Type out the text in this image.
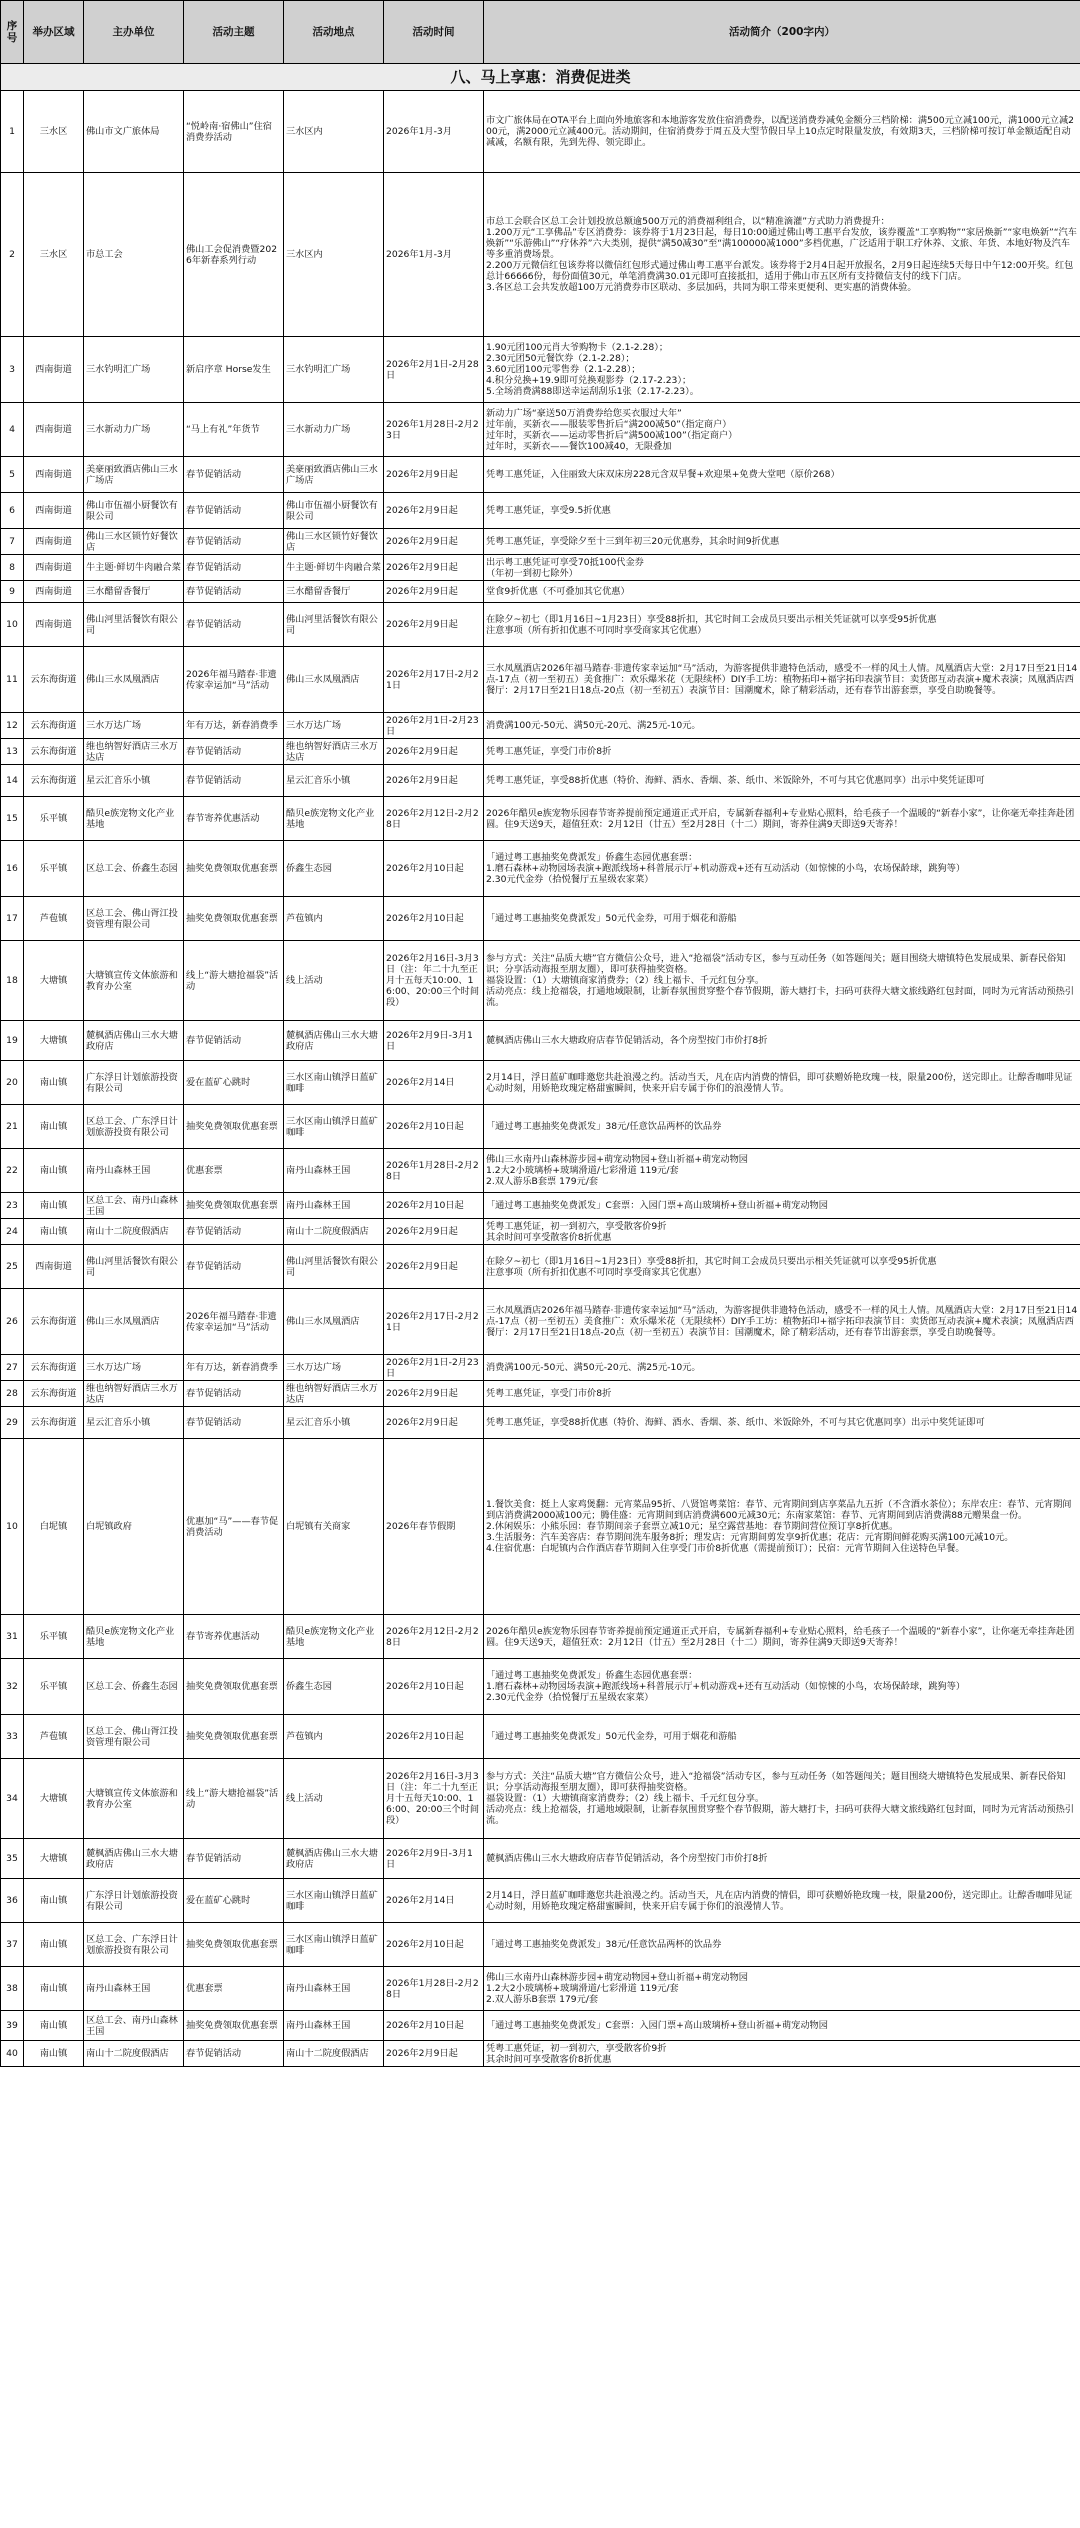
序号	举办区域	主办单位	活动主题	活动地点	活动时间	活动简介（200字内）
八、马上享惠：消费促进类						
1	三水区	佛山市文广旅体局	“悦岭南·宿佛山”住宿消费券活动	三水区内	2026年1月-3月	市文广旅体局在OTA平台上面向外地旅客和本地游客发放住宿消费券，以配送消费券减免金额分三档阶梯：满500元立减100元，满1000元立减200元，满2000元立减400元。活动期间，住宿消费券于周五及大型节假日早上10点定时限量发放，有效期3天，三档阶梯可按订单金额适配自动减减，名额有限，先到先得、领完即止。
2	三水区	市总工会	佛山工会促消费暨2026年新春系列行动	三水区内	2026年1月-3月	市总工会联合区总工会计划投放总额逾500万元的消费福利组合，以“精准滴灌”方式助力消费提升：
1.200万元“工享佛品”专区消费券：该券将于1月23日起，每日10:00通过佛山粤工惠平台发放，该券覆盖“工享购物”“家居焕新”“家电焕新”“汽车焕新”“乐游佛山”“疗休养”六大类别，提供“满50减30”至“满100000减1000”多档优惠，广泛适用于职工疗休养、文旅、年货、本地好物及汽车等多重消费场景。
2.200万元微信红包该券将以微信红包形式通过佛山粤工惠平台派发。该券将于2月4日起开放报名，2月9日起连续5天每日中午12:00开奖。红包总计66666份，每份面值30元，单笔消费满30.01元即可直接抵扣，适用于佛山市五区所有支持微信支付的线下门店。
3.各区总工会共发放超100万元消费券市区联动、多层加码，共同为职工带来更便利、更实惠的消费体验。
3	西南街道	三水钓明汇广场	新启序章 Horse发生	三水钓明汇广场	2026年2月1日-2月28日	1.90元团100元肖大爷购物卡（2.1-2.28）；
2.30元团50元餐饮券（2.1-2.28）；
3.60元团100元零售券（2.1-2.28）；
4.积分兑换+19.9即可兑换观影券（2.17-2.23）；
5.全场消费满88即送幸运刮刮乐1张（2.17-2.23）。
4	西南街道	三水新动力广场	“马上有礼”年货节	三水新动力广场	2026年1月28日-2月23日	新动力广场“豪送50万消费券给您买衣服过大年”
过年前，买新衣——服装零售折后“满200减50”（指定商户）
过年时，买新衣——运动零售折后“满500减100”（指定商户）
过年时，买新衣——餐饮100减40，无限叠加
5	西南街道	美豪丽致酒店佛山三水广场店	春节促销活动	美豪丽致酒店佛山三水广场店	2026年2月9日起	凭粤工惠凭证，入住丽致大床双床房228元含双早餐+欢迎果+免费大堂吧（原价268）
6	西南街道	佛山市伍福小厨餐饮有限公司	春节促销活动	佛山市伍福小厨餐饮有限公司	2026年2月9日起	凭粤工惠凭证，享受9.5折优惠
7	西南街道	佛山三水区锁竹好餐饮店	春节促销活动	佛山三水区锁竹好餐饮店	2026年2月9日起	凭粤工惠凭证，享受除夕至十三到年初三20元优惠券，其余时间9折优惠
8	西南街道	牛主题·鲜切牛肉融合菜	春节促销活动	牛主题·鲜切牛肉融合菜	2026年2月9日起	出示粤工惠凭证可享受70抵100代金券
（年初一到初七除外）
9	西南街道	三水醋留香餐厅	春节促销活动	三水醋留香餐厅	2026年2月9日起	堂食9折优惠（不可叠加其它优惠）
10	西南街道	佛山河里活餐饮有限公司	春节促销活动	佛山河里活餐饮有限公司	2026年2月9日起	在除夕~初七（即1月16日~1月23日）享受88折扣，其它时间工会成员只要出示相关凭证就可以享受95折优惠
注意事项（所有折扣优惠不可同时享受商家其它优惠）
11	云东海街道	佛山三水凤凰酒店	2026年福马踏春·非遗传家幸运加“马”活动	佛山三水凤凰酒店	2026年2月17日-2月21日	三水凤凰酒店2026年福马踏春·非遗传家幸运加“马”活动，为游客提供非遗特色活动，感受不一样的风土人情。凤凰酒店大堂：2月17日至21日14点-17点（初一至初五）美食推广：欢乐爆米花（无限续杯）DIY手工坊：植物拓印+福字拓印表演节目：卖货郎互动表演+魔术表演；凤凰酒店西餐厅：2月17日至21日18点-20点（初一至初五）表演节目：国潮魔术，除了精彩活动，还有春节出游套票，享受自助晚餐等。
12	云东海街道	三水万达广场	年有万达，新春消费季	三水万达广场	2026年2月1日-2月23日	消费满100元-50元、满50元-20元、满25元-10元。
13	云东海街道	维也纳智好酒店三水万达店	春节促销活动	维也纳智好酒店三水万达店	2026年2月9日起	凭粤工惠凭证，享受门市价8折
14	云东海街道	星云汇音乐小镇	春节促销活动	星云汇音乐小镇	2026年2月9日起	凭粤工惠凭证，享受88折优惠（特价、海鲜、酒水、香烟、茶、纸巾、米饭除外，不可与其它优惠同享）出示中奖凭证即可
15	乐平镇	酷贝e族宠物文化产业基地	春节寄养优惠活动	酷贝e族宠物文化产业基地	2026年2月12日-2月28日	2026年酷贝e族宠物乐园春节寄养提前预定通道正式开启，专属新春福利+专业贴心照料，给毛孩子一个温暖的“新春小家”，让你毫无牵挂奔赴团圆。住9天送9天，超值狂欢：2月12日（廿五）至2月28日（十二）期间，寄养住满9天即送9天寄养！
16	乐平镇	区总工会、侨鑫生态园	抽奖免费领取优惠套票	侨鑫生态园	2026年2月10日起	「通过粤工惠抽奖免费派发」侨鑫生态园优惠套票：
1.磨石森林+动物园场表演+跑派线场+科普展示厅+机动游戏+还有互动活动（如惊悚的小鸟，农场保龄球，跳狗等）
2.30元代金券（拾悦餐厅五星级农家菜）
17	芦苞镇	区总工会、佛山胥江投资管理有限公司	抽奖免费领取优惠套票	芦苞镇内	2026年2月10日起	「通过粤工惠抽奖免费派发」50元代金券，可用于烟花和游船
18	大塘镇	大塘镇宣传文体旅游和教育办公室	线上“游大塘抢福袋”活动	线上活动	2026年2月16日-3月3日（注：年二十九至正月十五每天10:00、16:00、20:00三个时间段）	参与方式：关注“品质大塘”官方微信公众号，进入“抢福袋”活动专区，参与互动任务（如答题闯关；题目围绕大塘镇特色发展成果、新春民俗知识；分享活动海报至朋友圈），即可获得抽奖资格。
福袋设置：（1）大塘镇商家消费券；（2）线上福卡、千元红包分享。
活动亮点：线上抢福袋，打通地域限制，让新春氛围贯穿整个春节假期，游大塘打卡，扫码可获得大塘文旅线路红包封面，同时为元宵活动预热引流。
19	大塘镇	麓枫酒店佛山三水大塘政府店	春节促销活动	麓枫酒店佛山三水大塘政府店	2026年2月9日-3月1日	麓枫酒店佛山三水大塘政府店春节促销活动，各个房型按门市价打8折
20	南山镇	广东浮日计划旅游投资有限公司	爱在蓝矿心跳时	三水区南山镇浮日蓝矿咖啡	2026年2月14日	2月14日，浮日蓝矿咖啡邀您共赴浪漫之约。活动当天，凡在店内消费的情侣，即可获赠娇艳玫瑰一枝，限量200份，送完即止。让醇香咖啡见证心动时刻，用娇艳玫瑰定格甜蜜瞬间，快来开启专属于你们的浪漫情人节。
21	南山镇	区总工会、广东浮日计划旅游投资有限公司	抽奖免费领取优惠套票	三水区南山镇浮日蓝矿咖啡	2026年2月10日起	「通过粤工惠抽奖免费派发」38元/任意饮品两杯的饮品券
22	南山镇	南丹山森林王国	优惠套票	南丹山森林王国	2026年1月28日-2月28日	佛山三水南丹山森林游步园+萌宠动物园+登山祈福+萌宠动物园
1.2大2小玻璃桥+玻璃滑道/七彩滑道 119元/套
2.双人游乐B套票 179元/套
23	南山镇	区总工会、南丹山森林王国	抽奖免费领取优惠套票	南丹山森林王国	2026年2月10日起	「通过粤工惠抽奖免费派发」C套票：入园门票+高山玻璃桥+登山祈福+萌宠动物园
24	南山镇	南山十二院度假酒店	春节促销活动	南山十二院度假酒店	2026年2月9日起	凭粤工惠凭证，初一到初六，享受散客价9折
其余时间可享受散客价8折优惠
25	西南街道	佛山河里活餐饮有限公司	春节促销活动	佛山河里活餐饮有限公司	2026年2月9日起	在除夕~初七（即1月16日~1月23日）享受88折扣，其它时间工会成员只要出示相关凭证就可以享受95折优惠
注意事项（所有折扣优惠不可同时享受商家其它优惠）
26	云东海街道	佛山三水凤凰酒店	2026年福马踏春·非遗传家幸运加“马”活动	佛山三水凤凰酒店	2026年2月17日-2月21日	三水凤凰酒店2026年福马踏春·非遗传家幸运加“马”活动，为游客提供非遗特色活动，感受不一样的风土人情。凤凰酒店大堂：2月17日至21日14点-17点（初一至初五）美食推广：欢乐爆米花（无限续杯）DIY手工坊：植物拓印+福字拓印表演节目：卖货郎互动表演+魔术表演；凤凰酒店西餐厅：2月17日至21日18点-20点（初一至初五）表演节目：国潮魔术，除了精彩活动，还有春节出游套票，享受自助晚餐等。
27	云东海街道	三水万达广场	年有万达，新春消费季	三水万达广场	2026年2月1日-2月23日	消费满100元-50元、满50元-20元、满25元-10元。
28	云东海街道	维也纳智好酒店三水万达店	春节促销活动	维也纳智好酒店三水万达店	2026年2月9日起	凭粤工惠凭证，享受门市价8折
29	云东海街道	星云汇音乐小镇	春节促销活动	星云汇音乐小镇	2026年2月9日起	凭粤工惠凭证，享受88折优惠（特价、海鲜、酒水、香烟、茶、纸巾、米饭除外，不可与其它优惠同享）出示中奖凭证即可
10	白坭镇	白坭镇政府	优惠加“马”——春节促消费活动	白坭镇有关商家	2026年春节假期	1.餐饮美食：挺上人家鸡煲翻：元宵菜品95折、八贤馆粤菜馆：春节、元宵期间到店享菜品九五折（不含酒水茶位）；东岸农庄：春节、元宵期间到店消费满2000减100元；腾佳盛：元宵期间到店消费满600元减30元；东南家菜馆：春节、元宵期间到店消费满88元赠果盘一份。
2.休闲娱乐：小熊乐园：春节期间亲子套票立减10元；星空露营基地：春节期间营位预订享8折优惠。
3.生活服务：汽车美容店：春节期间洗车服务8折；理发店：元宵期间剪发享9折优惠；花店：元宵期间鲜花购买满100元减10元。
4.住宿优惠：白坭镇内合作酒店春节期间入住享受门市价8折优惠（需提前预订）；民宿：元宵节期间入住送特色早餐。
31	乐平镇	酷贝e族宠物文化产业基地	春节寄养优惠活动	酷贝e族宠物文化产业基地	2026年2月12日-2月28日	2026年酷贝e族宠物乐园春节寄养提前预定通道正式开启，专属新春福利+专业贴心照料，给毛孩子一个温暖的“新春小家”，让你毫无牵挂奔赴团圆。住9天送9天，超值狂欢：2月12日（廿五）至2月28日（十二）期间，寄养住满9天即送9天寄养！
32	乐平镇	区总工会、侨鑫生态园	抽奖免费领取优惠套票	侨鑫生态园	2026年2月10日起	「通过粤工惠抽奖免费派发」侨鑫生态园优惠套票：
1.磨石森林+动物园场表演+跑派线场+科普展示厅+机动游戏+还有互动活动（如惊悚的小鸟，农场保龄球，跳狗等）
2.30元代金券（拾悦餐厅五星级农家菜）
33	芦苞镇	区总工会、佛山胥江投资管理有限公司	抽奖免费领取优惠套票	芦苞镇内	2026年2月10日起	「通过粤工惠抽奖免费派发」50元代金券，可用于烟花和游船
34	大塘镇	大塘镇宣传文体旅游和教育办公室	线上“游大塘抢福袋”活动	线上活动	2026年2月16日-3月3日（注：年二十九至正月十五每天10:00、16:00、20:00三个时间段）	参与方式：关注“品质大塘”官方微信公众号，进入“抢福袋”活动专区，参与互动任务（如答题闯关；题目围绕大塘镇特色发展成果、新春民俗知识；分享活动海报至朋友圈），即可获得抽奖资格。
福袋设置：（1）大塘镇商家消费券；（2）线上福卡、千元红包分享。
活动亮点：线上抢福袋，打通地域限制，让新春氛围贯穿整个春节假期，游大塘打卡，扫码可获得大塘文旅线路红包封面，同时为元宵活动预热引流。
35	大塘镇	麓枫酒店佛山三水大塘政府店	春节促销活动	麓枫酒店佛山三水大塘政府店	2026年2月9日-3月1日	麓枫酒店佛山三水大塘政府店春节促销活动，各个房型按门市价打8折
36	南山镇	广东浮日计划旅游投资有限公司	爱在蓝矿心跳时	三水区南山镇浮日蓝矿咖啡	2026年2月14日	2月14日，浮日蓝矿咖啡邀您共赴浪漫之约。活动当天，凡在店内消费的情侣，即可获赠娇艳玫瑰一枝，限量200份，送完即止。让醇香咖啡见证心动时刻，用娇艳玫瑰定格甜蜜瞬间，快来开启专属于你们的浪漫情人节。
37	南山镇	区总工会、广东浮日计划旅游投资有限公司	抽奖免费领取优惠套票	三水区南山镇浮日蓝矿咖啡	2026年2月10日起	「通过粤工惠抽奖免费派发」38元/任意饮品两杯的饮品券
38	南山镇	南丹山森林王国	优惠套票	南丹山森林王国	2026年1月28日-2月28日	佛山三水南丹山森林游步园+萌宠动物园+登山祈福+萌宠动物园
1.2大2小玻璃桥+玻璃滑道/七彩滑道 119元/套
2.双人游乐B套票 179元/套
39	南山镇	区总工会、南丹山森林王国	抽奖免费领取优惠套票	南丹山森林王国	2026年2月10日起	「通过粤工惠抽奖免费派发」C套票：入园门票+高山玻璃桥+登山祈福+萌宠动物园
40	南山镇	南山十二院度假酒店	春节促销活动	南山十二院度假酒店	2026年2月9日起	凭粤工惠凭证，初一到初六，享受散客价9折
其余时间可享受散客价8折优惠
